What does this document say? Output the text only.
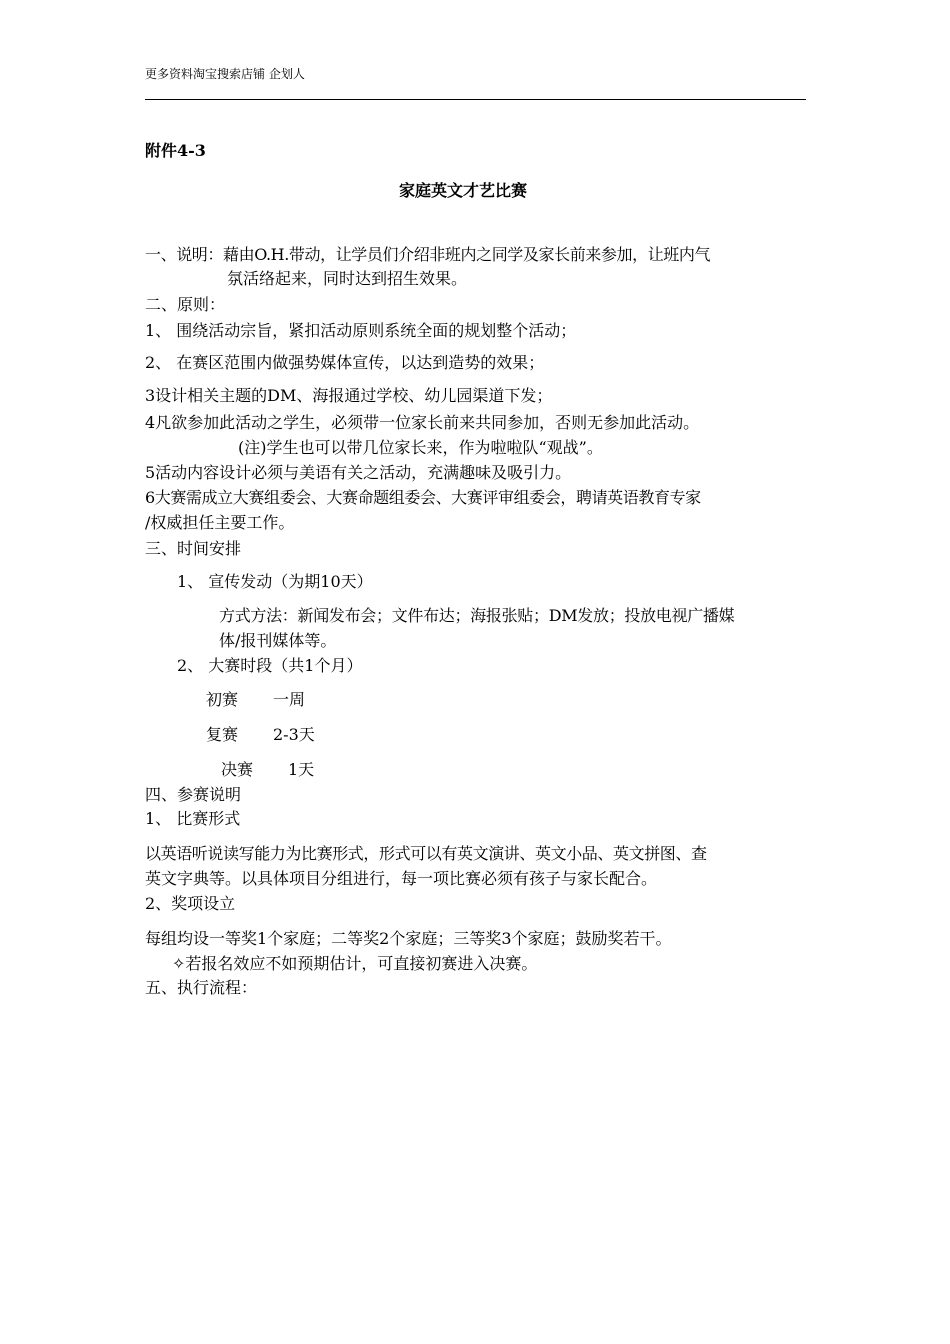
更多资料淘宝搜索店铺 企划人
附件4-3
家庭英文才艺比赛
一、说明：藉由O.H.带动，让学员们介绍非班内之同学及家长前来参加，让班内气
氛活络起来，同时达到招生效果。
二、原则：
1、 围绕活动宗旨，紧扣活动原则系统全面的规划整个活动；
2、 在赛区范围内做强势媒体宣传，以达到造势的效果；
3设计相关主题的DM、海报通过学校、幼儿园渠道下发；
4凡欲参加此活动之学生，必须带一位家长前来共同参加，否则无参加此活动。
(注)学生也可以带几位家长来，作为啦啦队“观战”。
5活动内容设计必须与美语有关之活动，充满趣味及吸引力。
6大赛需成立大赛组委会、大赛命题组委会、大赛评审组委会，聘请英语教育专家
/权威担任主要工作。
三、时间安排
1、 宣传发动（为期10天）
方式方法：新闻发布会；文件布达；海报张贴；DM发放；投放电视广播媒
体/报刊媒体等。
2、 大赛时段（共1个月）
初赛 一周
复赛 2-3天
决赛 1天
四、参赛说明
1、 比赛形式
以英语听说读写能力为比赛形式，形式可以有英文演讲、英文小品、英文拼图、查
英文字典等。以具体项目分组进行，每一项比赛必须有孩子与家长配合。
2、奖项设立
每组均设一等奖1个家庭；二等奖2个家庭；三等奖3个家庭；鼓励奖若干。
✧若报名效应不如预期估计，可直接初赛进入决赛。
五、执行流程：
